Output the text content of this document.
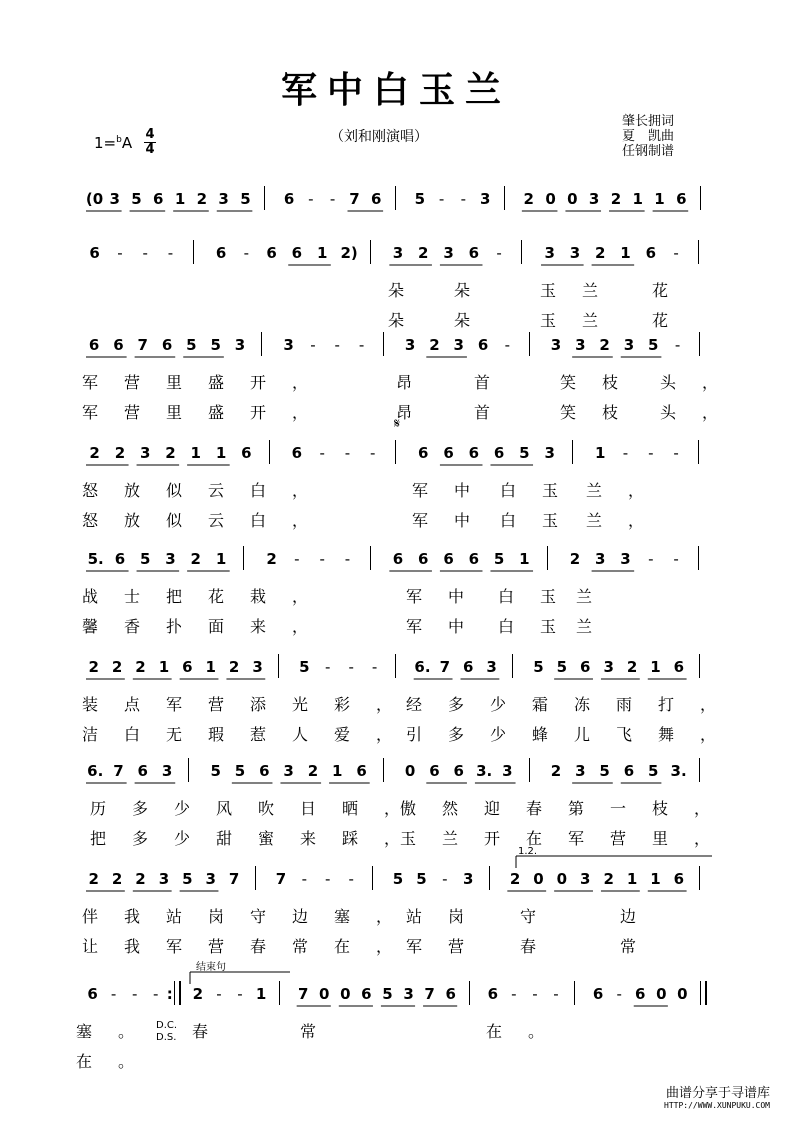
军中白玉兰
（刘和刚演唱）
肇长拥词
夏　凯曲
任钢制谱
1=$^b$A 4
4
(0 3 5 6 1 2 3 5 6 - - 7 6 5 - - 3 2 0 0 3 2 1 1 6
6 - - -	6 - 6 6 1 2) 3 2 3 6 -	3 3 2 1 6 -
朵 朵	玉兰 花
朵 朵	玉兰 花
6 6 7 6 5 5 3	3 - - -	3 2 3 6 -	3 3 2 3 5 -
军营里盛开，	昂 首	笑枝 头，
军营里盛开，	昂 首	笑枝 头，
2 2 3 2 1 1 6	6 - - -	6 6 6 6 5 3	1 - - -
怒放似云白，	军中 白玉 兰，
怒放似云白，	军中 白玉 兰，
5. 6 5 3 2 1	2 - - -	6 6 6 6 5 1	2 3 3 - -
战士把花栽，	军中 白玉
兰
馨香扑面来，	军中 白玉
兰
2 2 2 1 6 1 2 3 5 - - - 6. 7 6 3 5 5 6 3 2 1 6
装点军营添光彩，
经多少霜冻雨打，
洁白无瑕惹人爱，
引多少蜂儿飞舞，
6. 7 6 3	5 5 6 3 2 1 6	0 6 6 3. 3	2 3 5 6 5 3.
历多少风吹日晒，
傲然迎春第一枝，
把多少甜蜜来踩，
玉兰开在军营里，
2 2 2 3 5 3 7 7 - - -	5 5 - 3 2 0 0 3 2 1 1 6
伴我站岗守边塞，
站岗 守	边
让我军营春常在，
军营 春	常
6 - - - : 2 - - 1 7 0 0 6 5 3 7 6 6 - - - 6 - 6 0 0
塞。 春	常	在。
在。
𝄋
1.2.
结束句
D.C.
D.S.
曲谱分享于寻谱库
HTTP://WWW.XUNPUKU.COM
